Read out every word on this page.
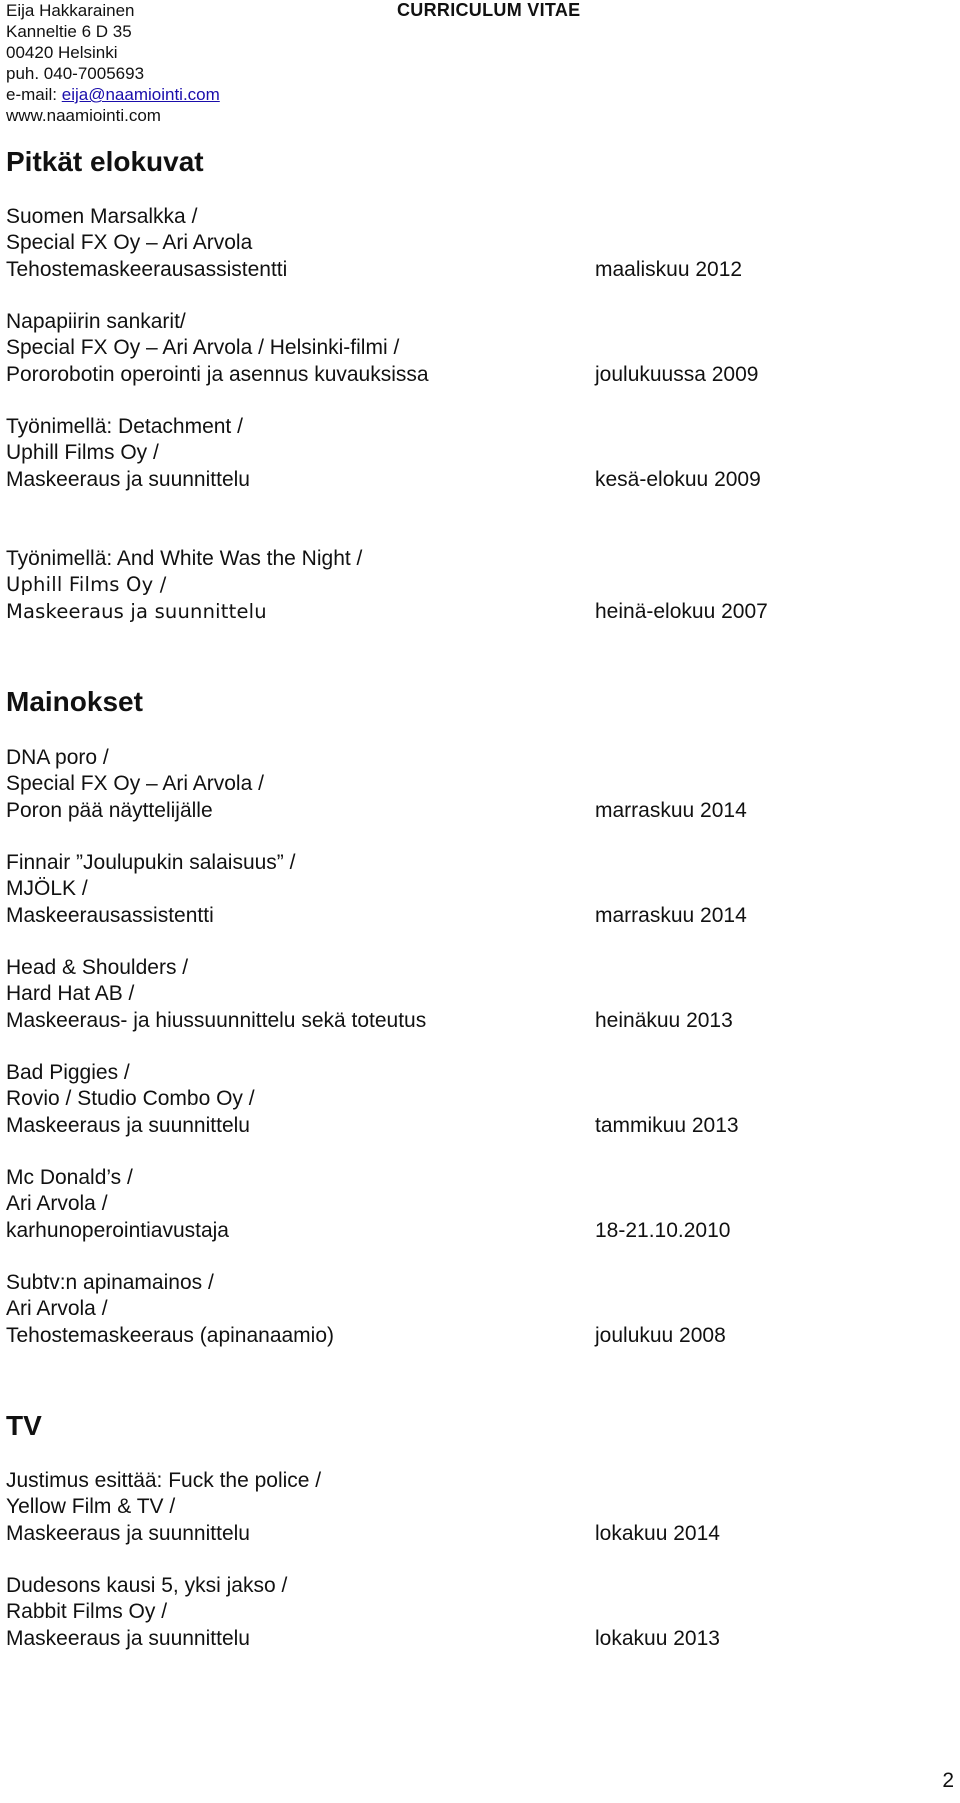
Eija Hakkarainen
Kanneltie 6 D 35
00420 Helsinki
puh. 040-7005693
e-mail: eija@naamiointi.com
www.naamiointi.com
CURRICULUM VITAE
Pitkät elokuvat
Suomen Marsalkka /
Special FX Oy – Ari Arvola
Tehostemaskeerausassistentti	maaliskuu 2012
Napapiirin sankarit/
Special FX Oy – Ari Arvola / Helsinki-filmi /
Pororobotin operointi ja asennus kuvauksissa	joulukuussa 2009
Työnimellä: Detachment /
Uphill Films Oy /
Maskeeraus ja suunnittelu	kesä-elokuu 2009
Työnimellä: And White Was the Night /
Uphill Films Oy /
Maskeeraus ja suunnittelu	heinä-elokuu 2007
Mainokset
DNA poro /
Special FX Oy – Ari Arvola /
Poron pää näyttelijälle	marraskuu 2014
Finnair ”Joulupukin salaisuus” /
MJÖLK /
Maskeerausassistentti	marraskuu 2014
Head & Shoulders /
Hard Hat AB /
Maskeeraus- ja hiussuunnittelu sekä toteutus	heinäkuu 2013
Bad Piggies /
Rovio / Studio Combo Oy /
Maskeeraus ja suunnittelu	tammikuu 2013
Mc Donald’s /
Ari Arvola /
karhunoperointiavustaja	18-21.10.2010
Subtv:n apinamainos /
Ari Arvola /
Tehostemaskeeraus (apinanaamio)	joulukuu 2008
TV
Justimus esittää: Fuck the police /
Yellow Film & TV /
Maskeeraus ja suunnittelu	lokakuu 2014
Dudesons kausi 5, yksi jakso /
Rabbit Films Oy /
Maskeeraus ja suunnittelu	lokakuu 2013
2
